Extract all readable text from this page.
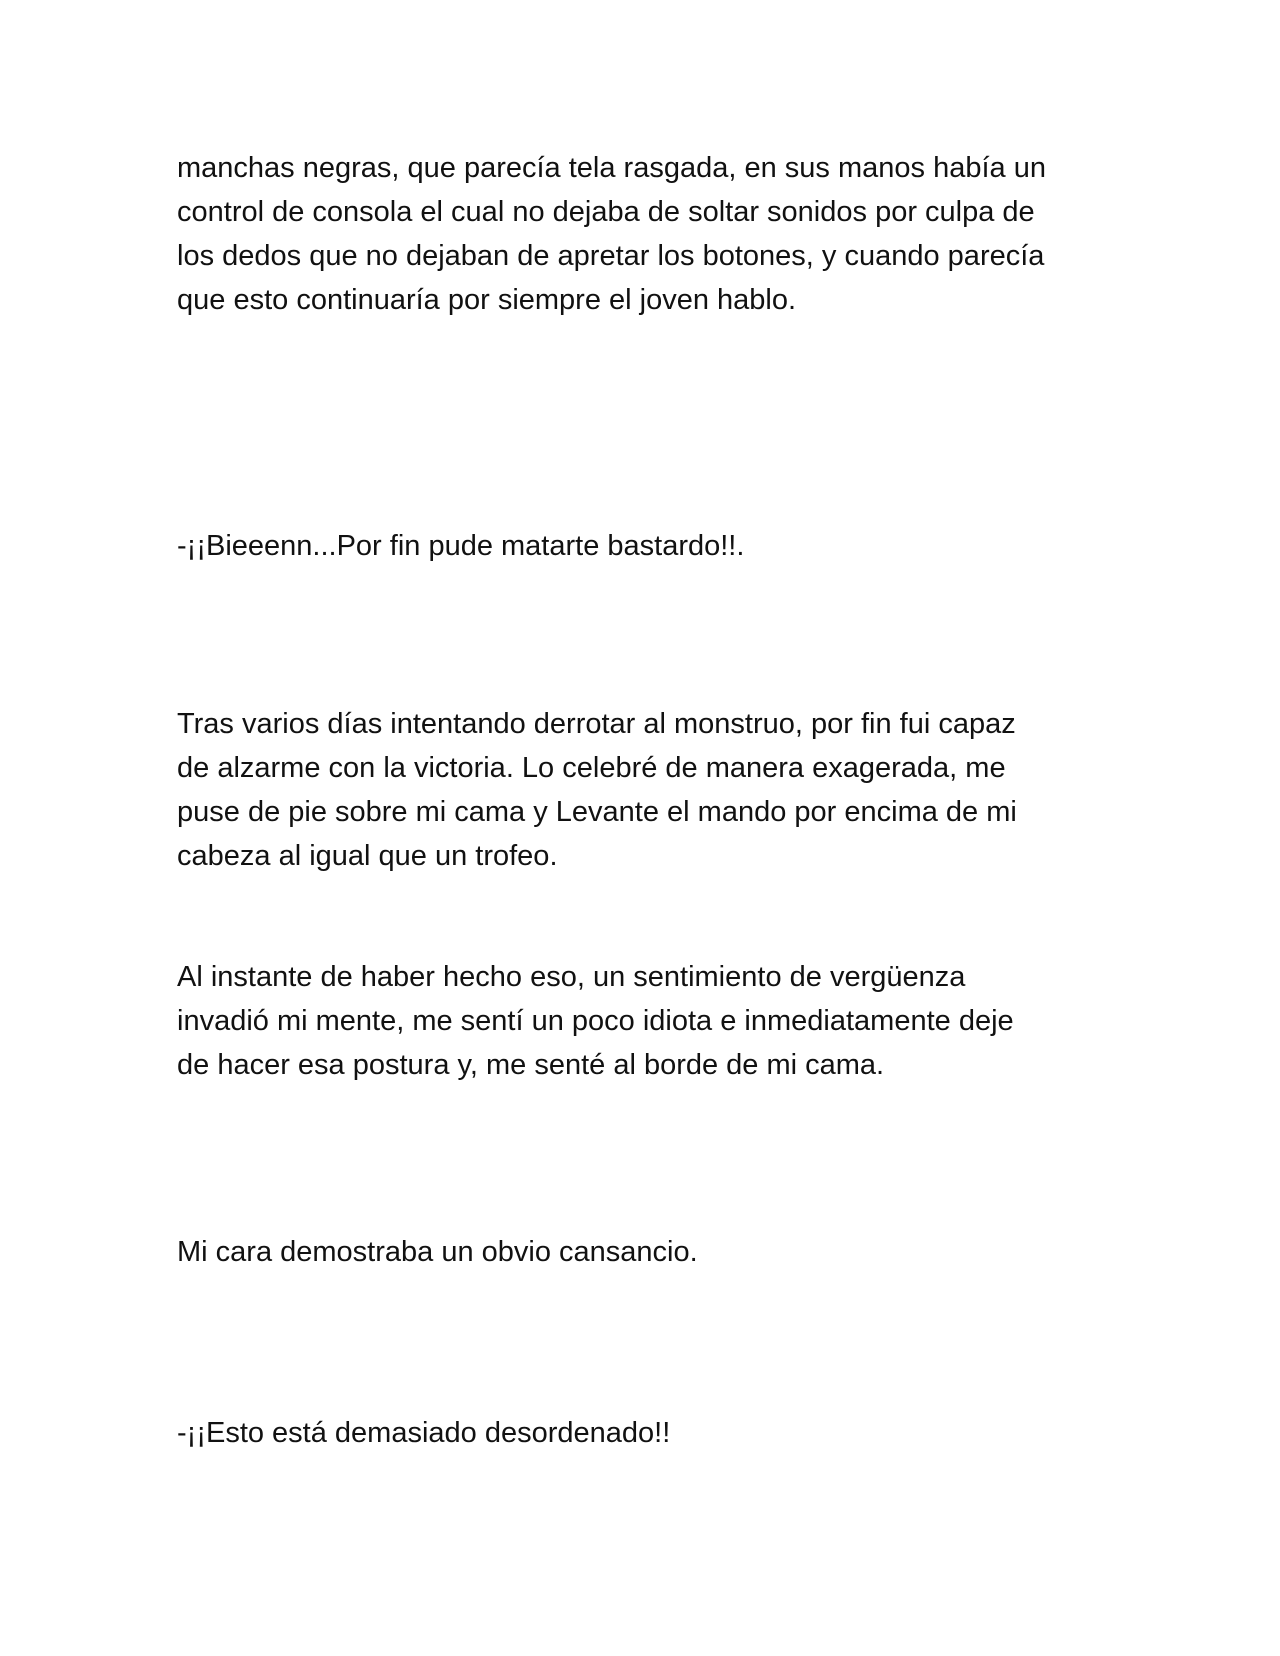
manchas negras, que parecía tela rasgada, en sus manos había un
control de consola el cual no dejaba de soltar sonidos por culpa de
los dedos que no dejaban de apretar los botones, y cuando parecía
que esto continuaría por siempre el joven hablo.

-¡¡Bieeenn...Por fin pude matarte bastardo!!.

Tras varios días intentando derrotar al monstruo, por fin fui capaz
de alzarme con la victoria. Lo celebré de manera exagerada, me
puse de pie sobre mi cama y Levante el mando por encima de mi
cabeza al igual que un trofeo.

Al instante de haber hecho eso, un sentimiento de vergüenza
invadió mi mente, me sentí un poco idiota e inmediatamente deje
de hacer esa postura y, me senté al borde de mi cama.

Mi cara demostraba un obvio cansancio.

-¡¡Esto está demasiado desordenado!!
